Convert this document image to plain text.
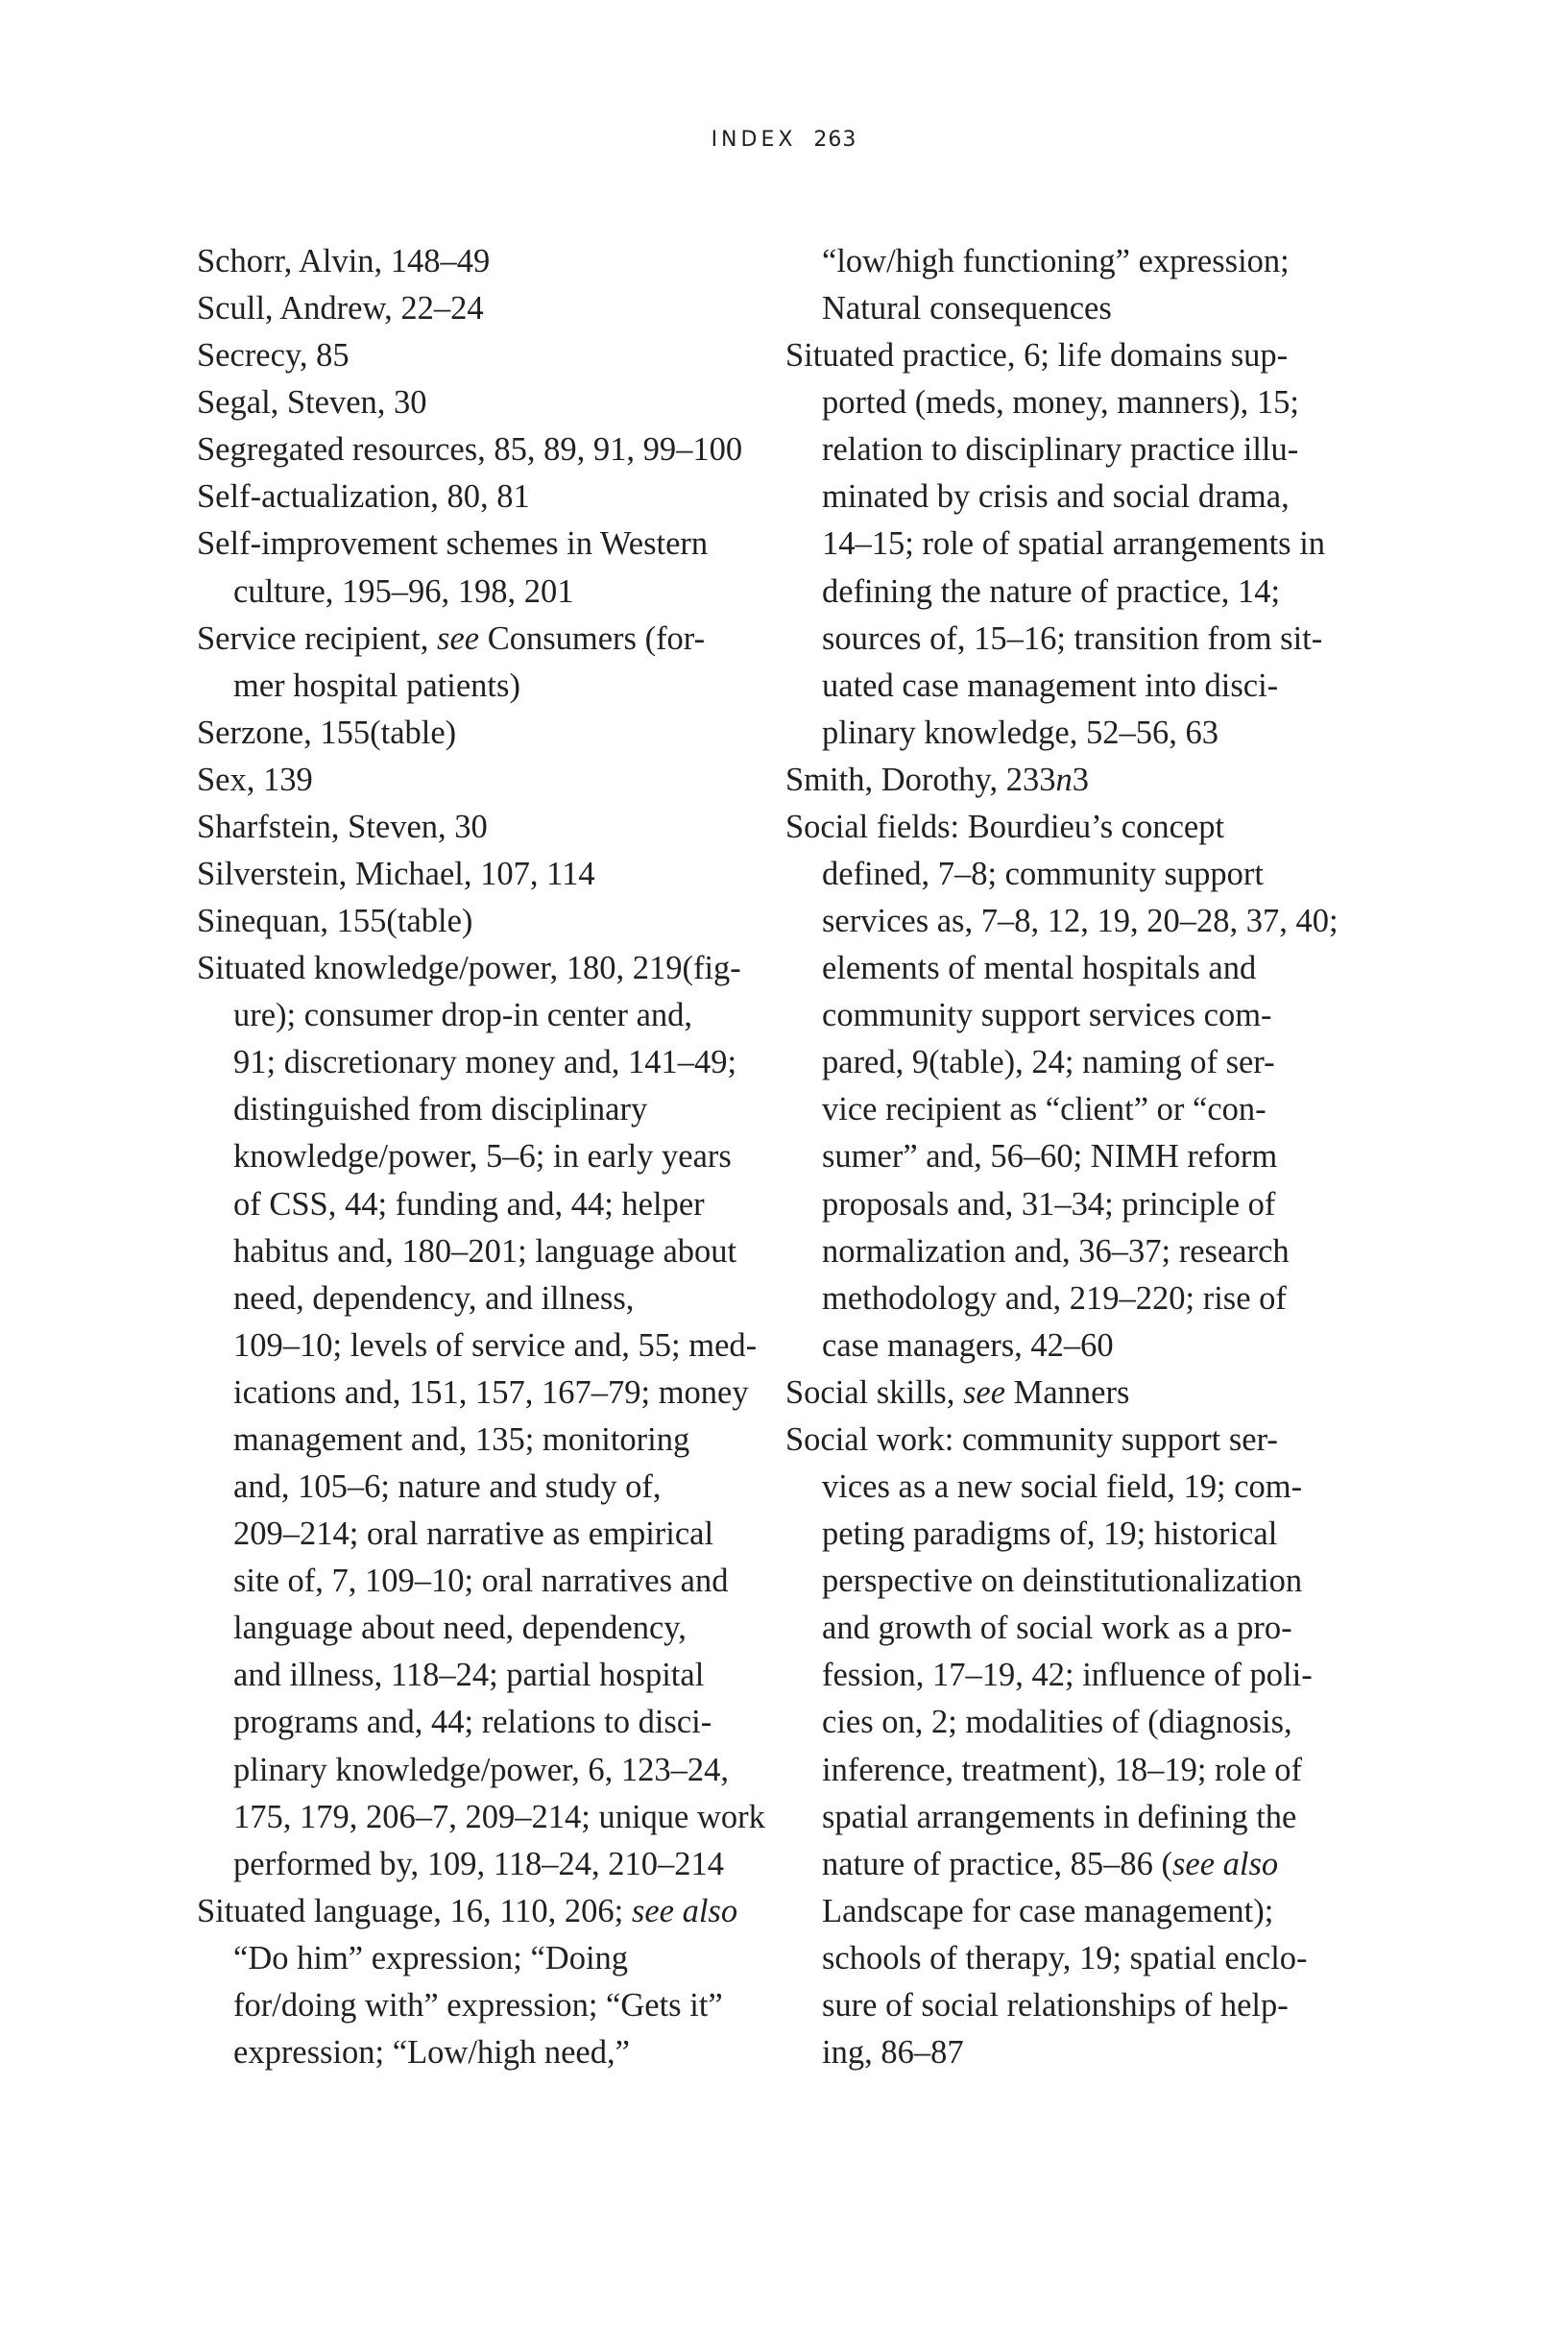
INDEX 263
Schorr, Alvin, 148–49
Scull, Andrew, 22–24
Secrecy, 85
Segal, Steven, 30
Segregated resources, 85, 89, 91, 99–100
Self-actualization, 80, 81
Self-improvement schemes in Western
culture, 195–96, 198, 201
Service recipient, see Consumers (for-
mer hospital patients)
Serzone, 155(table)
Sex, 139
Sharfstein, Steven, 30
Silverstein, Michael, 107, 114
Sinequan, 155(table)
Situated knowledge/power, 180, 219(fig-
ure); consumer drop-in center and,
91; discretionary money and, 141–49;
distinguished from disciplinary
knowledge/power, 5–6; in early years
of CSS, 44; funding and, 44; helper
habitus and, 180–201; language about
need, dependency, and illness,
109–10; levels of service and, 55; med-
ications and, 151, 157, 167–79; money
management and, 135; monitoring
and, 105–6; nature and study of,
209–214; oral narrative as empirical
site of, 7, 109–10; oral narratives and
language about need, dependency,
and illness, 118–24; partial hospital
programs and, 44; relations to disci-
plinary knowledge/power, 6, 123–24,
175, 179, 206–7, 209–214; unique work
performed by, 109, 118–24, 210–214
Situated language, 16, 110, 206; see also
“Do him” expression; “Doing
for/doing with” expression; “Gets it”
expression; “Low/high need,”
“low/high functioning” expression;
Natural consequences
Situated practice, 6; life domains sup-
ported (meds, money, manners), 15;
relation to disciplinary practice illu-
minated by crisis and social drama,
14–15; role of spatial arrangements in
defining the nature of practice, 14;
sources of, 15–16; transition from sit-
uated case management into disci-
plinary knowledge, 52–56, 63
Smith, Dorothy, 233n3
Social fields: Bourdieu’s concept
defined, 7–8; community support
services as, 7–8, 12, 19, 20–28, 37, 40;
elements of mental hospitals and
community support services com-
pared, 9(table), 24; naming of ser-
vice recipient as “client” or “con-
sumer” and, 56–60; NIMH reform
proposals and, 31–34; principle of
normalization and, 36–37; research
methodology and, 219–220; rise of
case managers, 42–60
Social skills, see Manners
Social work: community support ser-
vices as a new social field, 19; com-
peting paradigms of, 19; historical
perspective on deinstitutionalization
and growth of social work as a pro-
fession, 17–19, 42; influence of poli-
cies on, 2; modalities of (diagnosis,
inference, treatment), 18–19; role of
spatial arrangements in defining the
nature of practice, 85–86 (see also
Landscape for case management);
schools of therapy, 19; spatial enclo-
sure of social relationships of help-
ing, 86–87
